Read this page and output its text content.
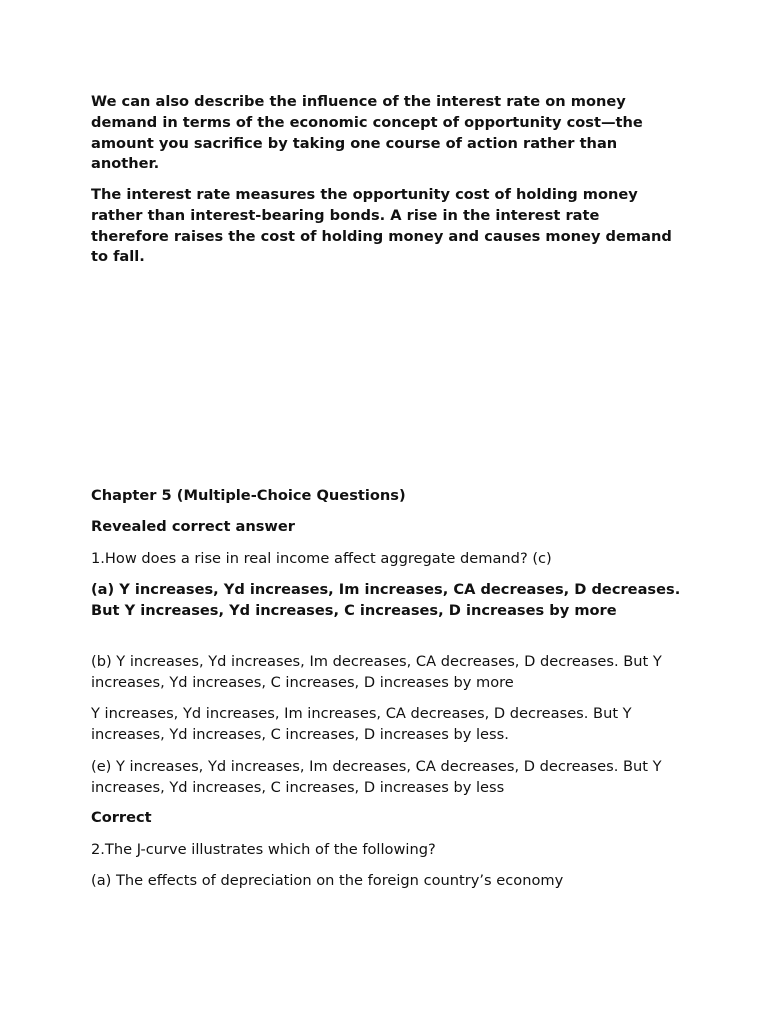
We can also describe the influence of the interest rate on money demand in terms of the economic concept of opportunity cost—the amount you sacrifice by taking one course of action rather than another.

The interest rate measures the opportunity cost of holding money rather than interest-bearing bonds. A rise in the interest rate therefore raises the cost of holding money and causes money demand to fall.

Chapter 5 (Multiple-Choice Questions)

Revealed correct answer

1.How does a rise in real income affect aggregate demand? (c)

(a) Y increases, Yd increases, Im increases, CA decreases, D decreases. But Y increases, Yd increases, C increases, D increases by more

(b) Y increases, Yd increases, Im decreases, CA decreases, D decreases. But Y increases, Yd increases, C increases, D increases by more

Y increases, Yd increases, Im increases, CA decreases, D decreases. But Y increases, Yd increases, C increases, D increases by less.

(e) Y increases, Yd increases, Im decreases, CA decreases, D decreases. But Y increases, Yd increases, C increases, D increases by less

Correct

2.The J-curve illustrates which of the following?

(a) The effects of depreciation on the foreign country’s economy
